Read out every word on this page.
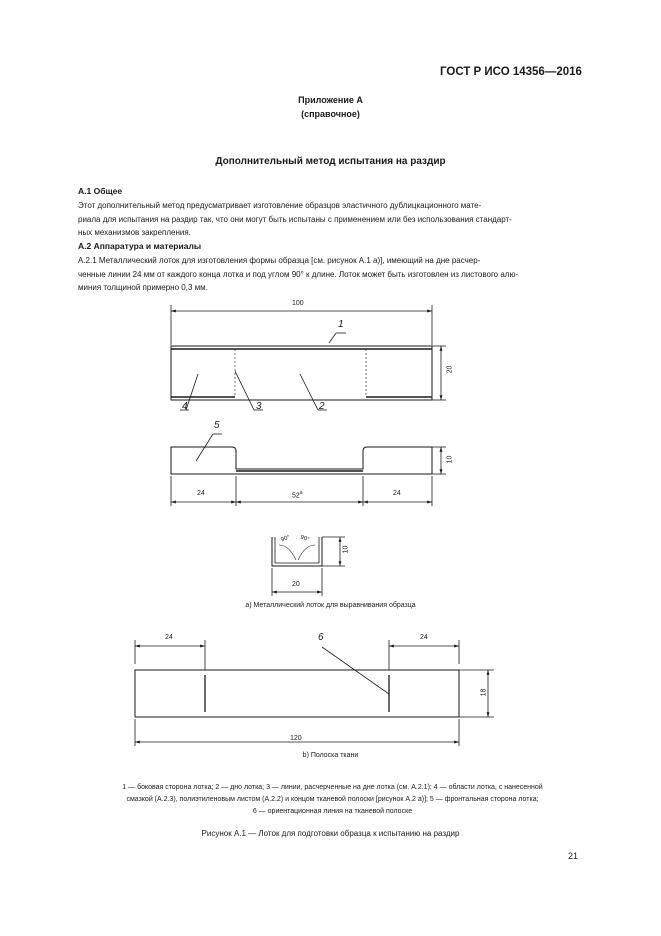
ГОСТ Р ИСО 14356—2016
Приложение А
(справочное)
Дополнительный метод испытания на раздир
А.1 Общее
Этот дополнительный метод предусматривает изготовление образцов эластичного дублицкационного мате-
риала для испытания на раздир так, что они могут быть испытаны с применением или без использования стандарт-
ных механизмов закрепления.
А.2 Аппаратура и материалы
А.2.1 Металлический лоток для изготовления формы образца [см. рисунок А.1 а)], имеющий на дне расчер-
ченные линии 24 мм от каждого конца лотка и под углом 90° к длине. Лоток может быть изготовлен из листового алю-
миния толщиной примерно 0,3 мм.
100
20
1
2
3
4
5
10
24	52$^a$	24
90° 90°
10
20
а) Металлический лоток для выравнивания образца
24	24
6
18
120
b) Полоска ткани
1 — боковая сторона лотка; 2 — дно лотка; 3 — линии, расчерченные на дне лотка (см. А.2.1); 4 — области лотка, с нанесенной
смазкой (А.2.3), полиэтиленовым листом (А.2.2) и концом тканевой полоски [рисунок А.2 а)]; 5 — фронтальная сторона лотка;
6 — ориентационная линия на тканевой полоске
Рисунок А.1 — Лоток для подготовки образца к испытанию на раздир
21
